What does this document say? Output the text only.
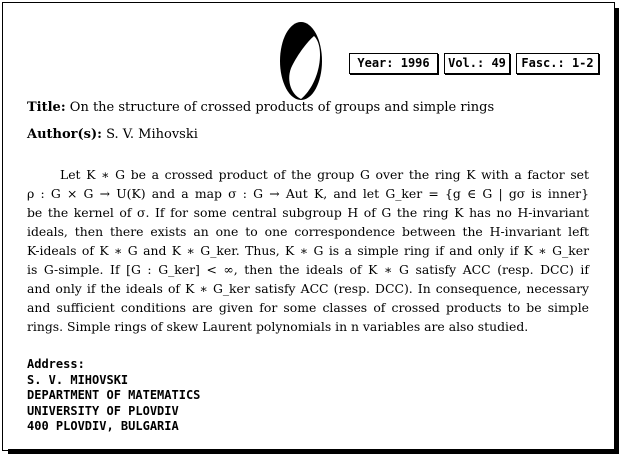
Year: 1996	Vol.: 49	Fasc.: 1-2
Title: On the structure of crossed products of groups and simple rings
Author(s): S. V. Mihovski
Let K ∗ G be a crossed product of the group G over the ring K with a factor set
ρ : G × G → U(K) and a map σ : G → Aut K, and let G_ker = {g ∈ G | gσ is inner}
be the kernel of σ. If for some central subgroup H of G the ring K has no H-invariant
ideals, then there exists an one to one correspondence between the H-invariant left
K-ideals of K ∗ G and K ∗ G_ker. Thus, K ∗ G is a simple ring if and only if K ∗ G_ker
is G-simple. If [G : G_ker] < ∞, then the ideals of K ∗ G satisfy ACC (resp. DCC) if
and only if the ideals of K ∗ G_ker satisfy ACC (resp. DCC). In consequence, necessary
and sufficient conditions are given for some classes of crossed products to be simple
rings. Simple rings of skew Laurent polynomials in n variables are also studied.
Address:
S. V. MIHOVSKI
DEPARTMENT OF MATEMATICS
UNIVERSITY OF PLOVDIV
400 PLOVDIV, BULGARIA
